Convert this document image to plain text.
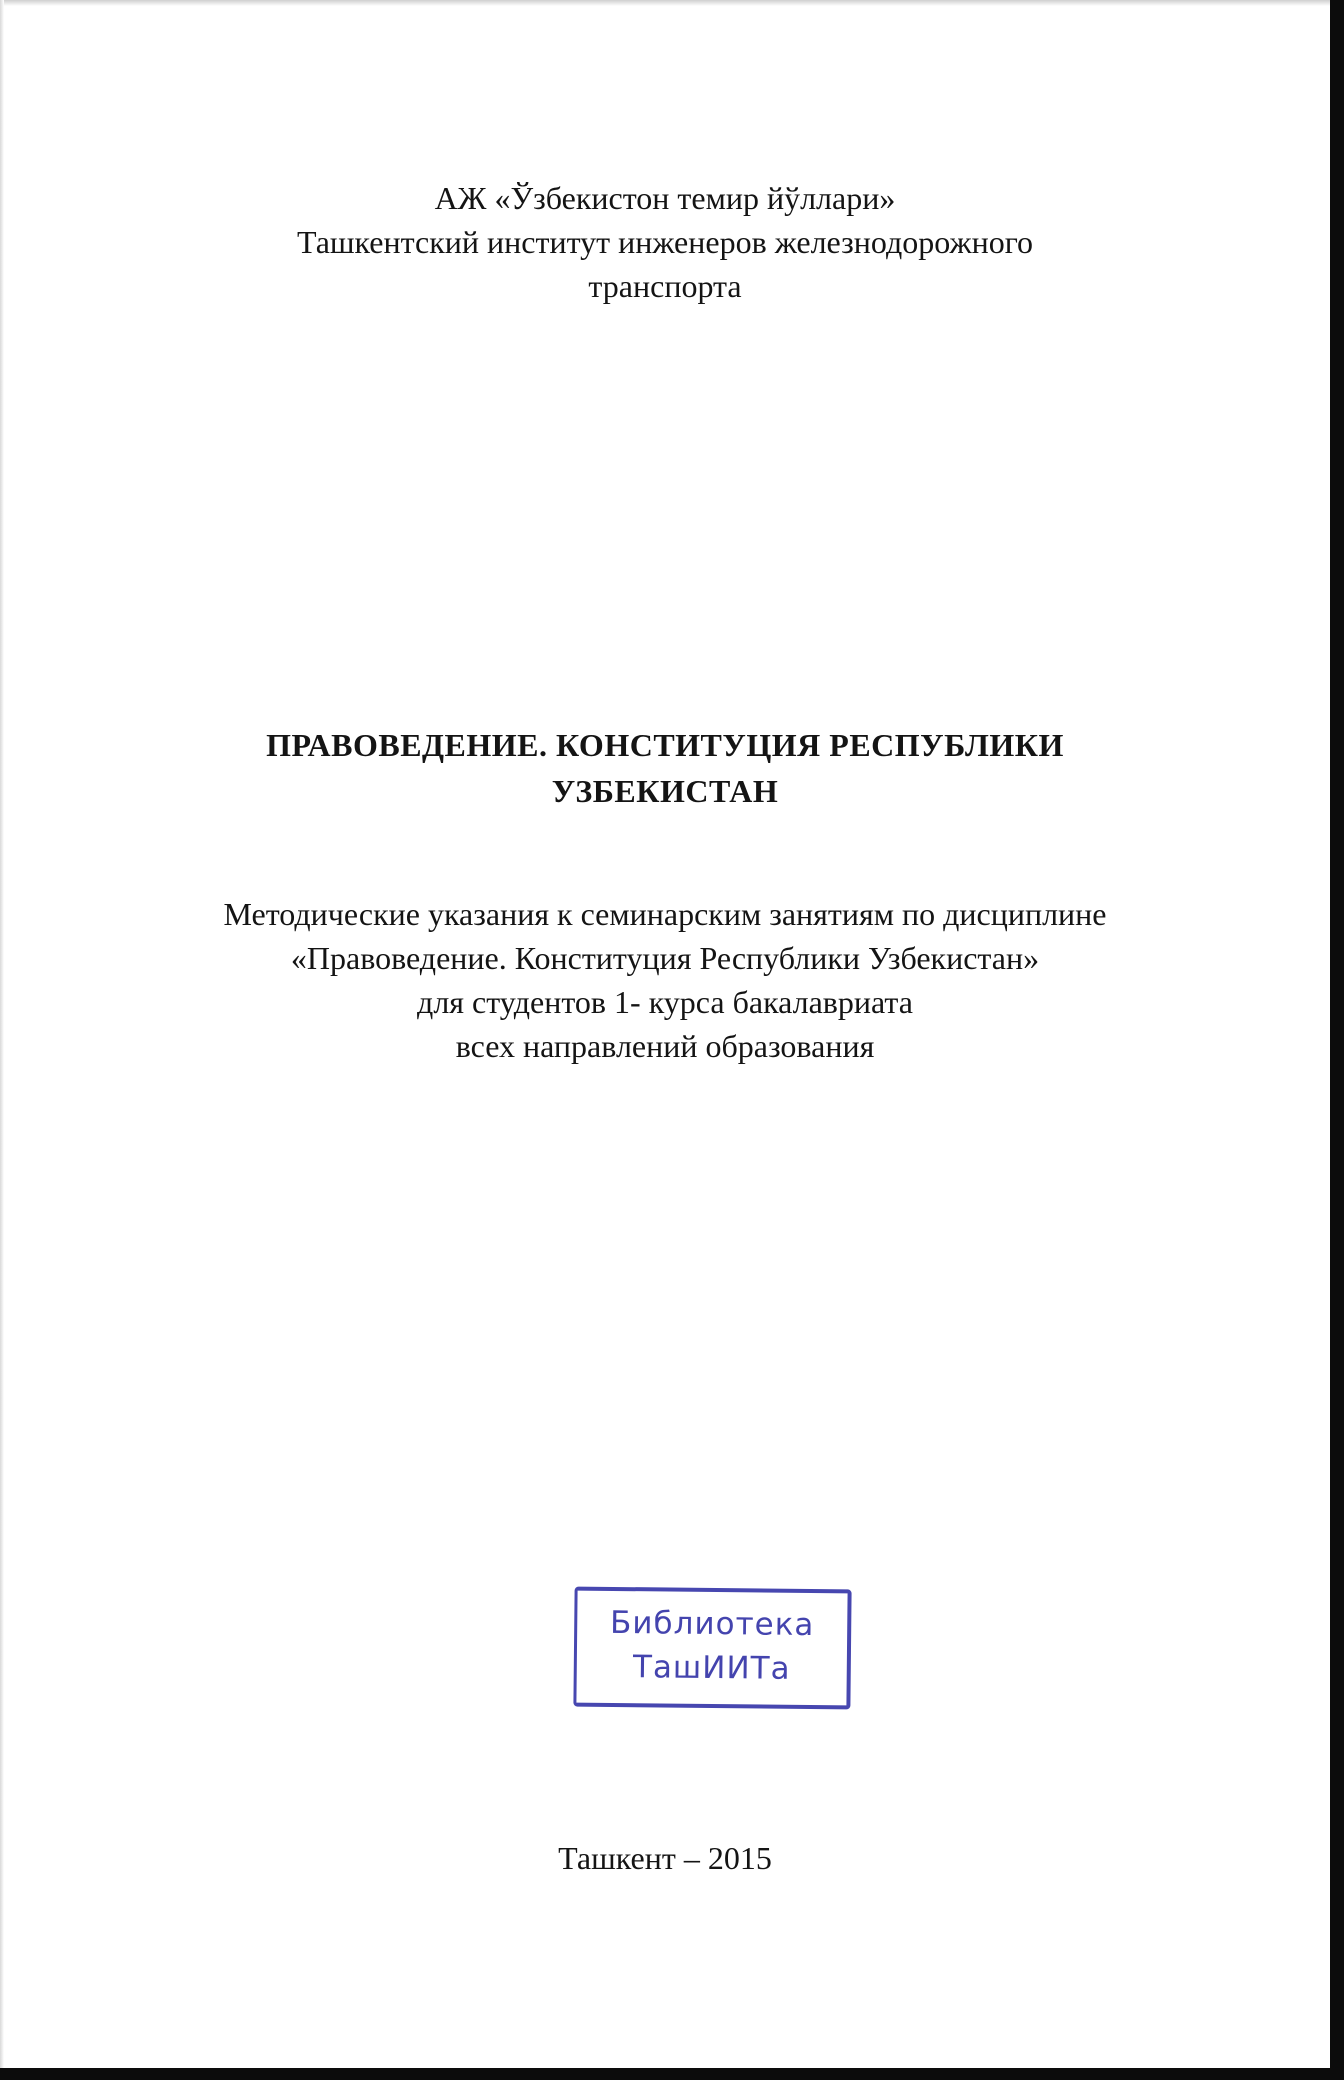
АЖ «Ўзбекистон темир йўллари»
Ташкентский институт инженеров железнодорожного
транспорта
ПРАВОВЕДЕНИЕ. КОНСТИТУЦИЯ РЕСПУБЛИКИ
УЗБЕКИСТАН
Методические указания к семинарским занятиям по дисциплине
«Правоведение. Конституция Республики Узбекистан»
для студентов 1- курса бакалавриата
всех направлений образования
Библиотека
ТашИИТа
Ташкент – 2015
